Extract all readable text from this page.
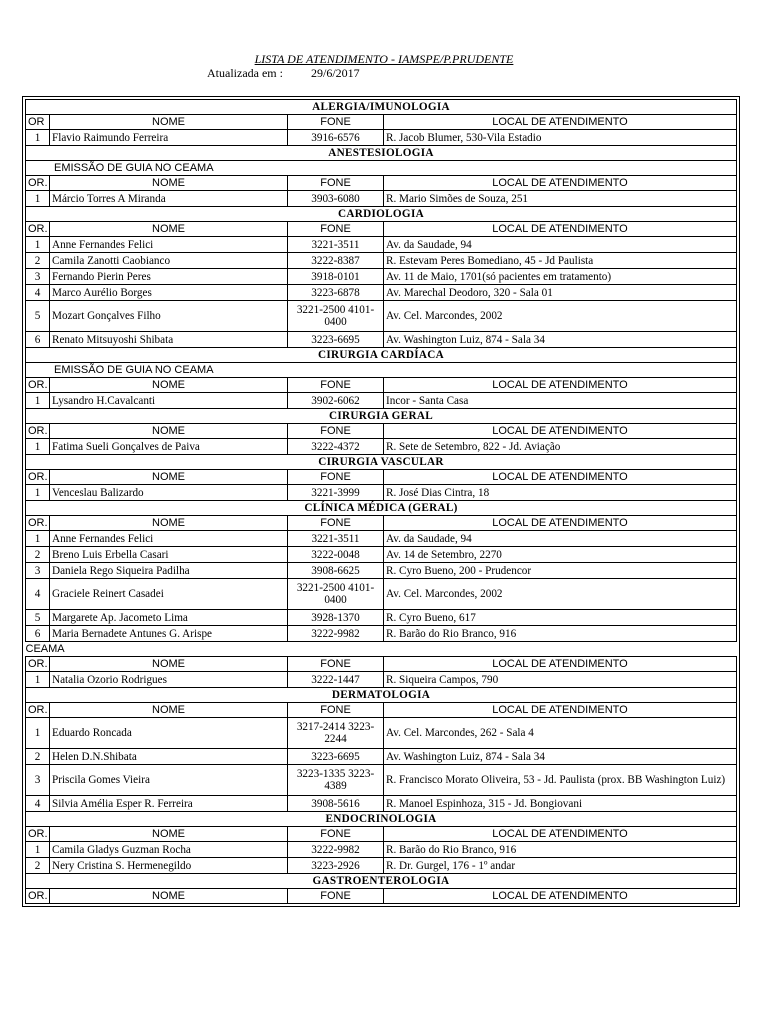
LISTA DE ATENDIMENTO - IAMSPE/P.PRUDENTE
Atualizada em : 29/6/2017
ALERGIA/IMUNOLOGIA			
OR	NOME	FONE	LOCAL DE ATENDIMENTO
1	Flavio Raimundo Ferreira	3916-6576	R. Jacob Blumer, 530-Vila Estadio
ANESTESIOLOGIA			
EMISSÃO DE GUIA NO CEAMA			
OR.	NOME	FONE	LOCAL DE ATENDIMENTO
1	Márcio Torres A Miranda	3903-6080	R. Mario Simões de Souza, 251
CARDIOLOGIA			
OR.	NOME	FONE	LOCAL DE ATENDIMENTO
1	Anne Fernandes Felici	3221-3511	Av. da Saudade, 94
2	Camila Zanotti Caobianco	3222-8387	R. Estevam Peres Bomediano, 45 - Jd Paulista
3	Fernando Pierin Peres	3918-0101	Av. 11 de Maio, 1701(só pacientes em tratamento)
4	Marco Aurélio Borges	3223-6878	Av. Marechal Deodoro, 320 - Sala 01
5	Mozart Gonçalves Filho	3221-2500 4101-0400	Av. Cel. Marcondes, 2002
6	Renato Mitsuyoshi Shibata	3223-6695	Av. Washington Luiz, 874 - Sala 34
CIRURGIA CARDÍACA			
EMISSÃO DE GUIA NO CEAMA			
OR.	NOME	FONE	LOCAL DE ATENDIMENTO
1	Lysandro H.Cavalcanti	3902-6062	Incor - Santa Casa
CIRURGIA GERAL			
OR.	NOME	FONE	LOCAL DE ATENDIMENTO
1	Fatima Sueli Gonçalves de Paiva	3222-4372	R. Sete de Setembro, 822 - Jd. Aviação
CIRURGIA VASCULAR			
OR.	NOME	FONE	LOCAL DE ATENDIMENTO
1	Venceslau Balizardo	3221-3999	R. José Dias Cintra, 18
CLÍNICA MÉDICA (GERAL)			
OR.	NOME	FONE	LOCAL DE ATENDIMENTO
1	Anne Fernandes Felici	3221-3511	Av. da Saudade, 94
2	Breno Luis Erbella Casari	3222-0048	Av. 14 de Setembro, 2270
3	Daniela Rego Siqueira Padilha	3908-6625	R. Cyro Bueno, 200 - Prudencor
4	Graciele Reinert Casadei	3221-2500 4101-0400	Av. Cel. Marcondes, 2002
5	Margarete Ap. Jacometo Lima	3928-1370	R. Cyro Bueno, 617
6	Maria Bernadete Antunes G. Arispe	3222-9982	R. Barão do Rio Branco, 916
CEAMA			
OR.	NOME	FONE	LOCAL DE ATENDIMENTO
1	Natalia Ozorio Rodrigues	3222-1447	R. Siqueira Campos, 790
DERMATOLOGIA			
OR.	NOME	FONE	LOCAL DE ATENDIMENTO
1	Eduardo Roncada	3217-2414 3223-2244	Av. Cel. Marcondes, 262 - Sala 4
2	Helen D.N.Shibata	3223-6695	Av. Washington Luiz, 874 - Sala 34
3	Priscila Gomes Vieira	3223-1335 3223-4389	R. Francisco Morato Oliveira, 53 - Jd. Paulista (prox. BB Washington Luiz)
4	Silvia Amélia Esper R. Ferreira	3908-5616	R. Manoel Espinhoza, 315 - Jd. Bongiovani
ENDOCRINOLOGIA			
OR.	NOME	FONE	LOCAL DE ATENDIMENTO
1	Camila Gladys Guzman Rocha	3222-9982	R. Barão do Rio Branco, 916
2	Nery Cristina S. Hermenegildo	3223-2926	R. Dr. Gurgel, 176 - 1º andar
GASTROENTEROLOGIA			
OR.	NOME	FONE	LOCAL DE ATENDIMENTO
